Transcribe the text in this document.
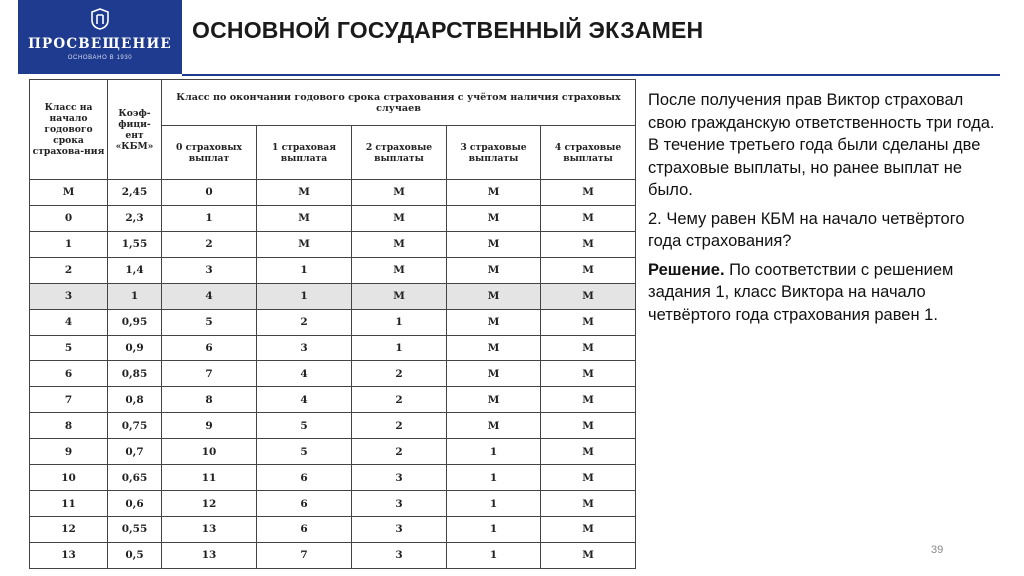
ПРОСВЕЩЕНИЕ
ОСНОВАНО В 1930
ОСНОВНОЙ ГОСУДАРСТВЕННЫЙ ЭКЗАМЕН
Класс на начало годового срока страхова-ния	Коэф-фици-ент «КБМ»	Класс по окончании годового срока страхования с учётом наличия страховых случаев				
		0 страховых выплат	1 страховая выплата	2 страховые выплаты	3 страховые выплаты	4 страховые выплаты
М	2,45	0	М	М	М	М
0	2,3	1	М	М	М	М
1	1,55	2	М	М	М	М
2	1,4	3	1	М	М	М
3	1	4	1	М	М	М
4	0,95	5	2	1	М	М
5	0,9	6	3	1	М	М
6	0,85	7	4	2	М	М
7	0,8	8	4	2	М	М
8	0,75	9	5	2	М	М
9	0,7	10	5	2	1	М
10	0,65	11	6	3	1	М
11	0,6	12	6	3	1	М
12	0,55	13	6	3	1	М
13	0,5	13	7	3	1	М

После получения прав Виктор страховал свою гражданскую ответственность три года. В течение третьего года были сделаны две страховые выплаты, но ранее выплат не было.

2. Чему равен КБМ на начало четвёртого года страхования?

Решение. По соответствии с решением задания 1, класс Виктора на начало четвёртого года страхования равен 1.

39
